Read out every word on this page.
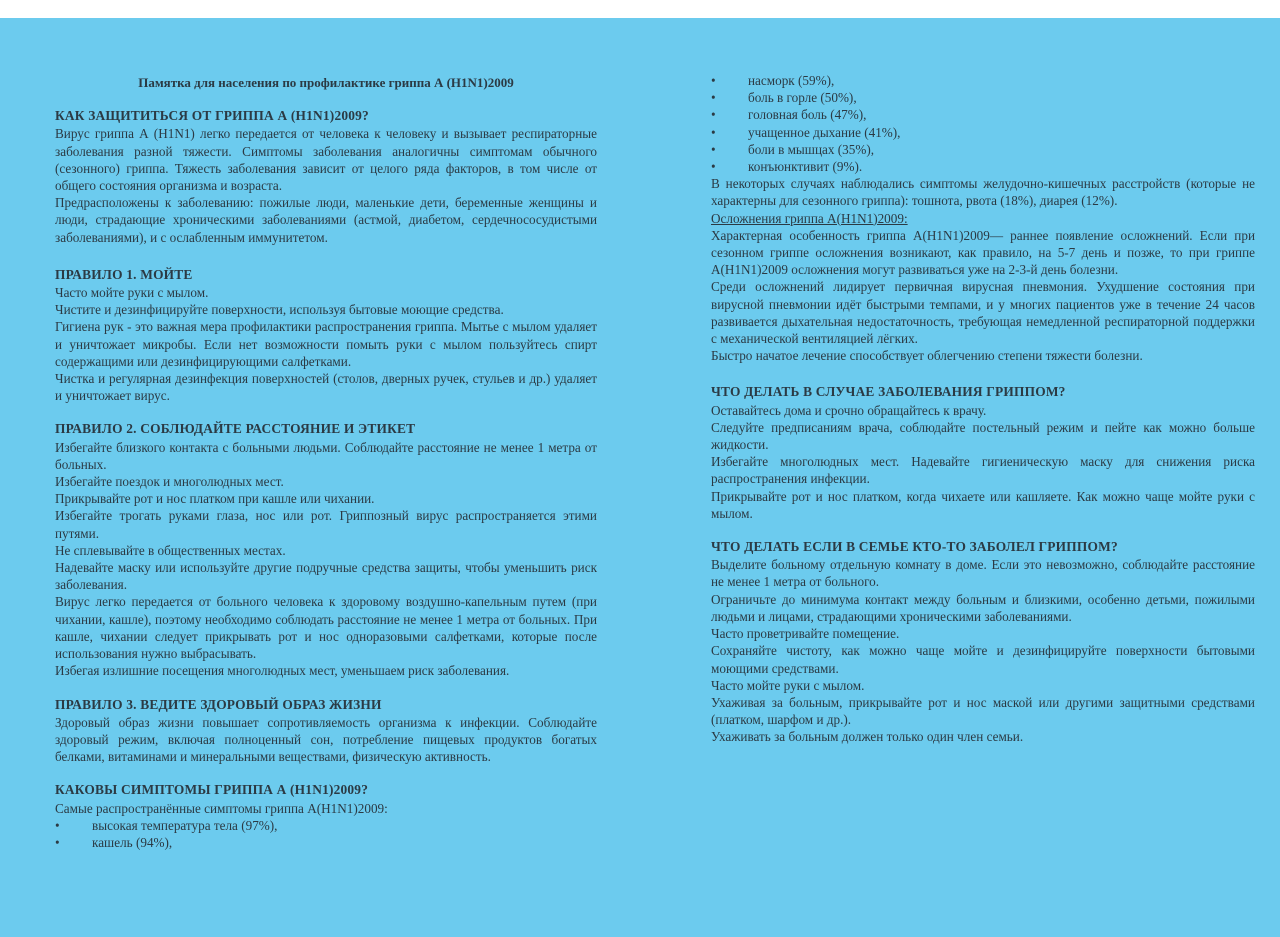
Памятка для населения по профилактике гриппа А (Н1N1)2009
КАК ЗАЩИТИТЬСЯ ОТ ГРИППА А (Н1N1)2009?

Вирус гриппа А (Н1N1) легко передается от человека к человеку и вызывает респираторные заболевания разной тяжести. Симптомы заболевания аналогичны симптомам обычного (сезонного) гриппа. Тяжесть заболевания зависит от целого ряда факторов, в том числе от общего состояния организма и возраста.

Предрасположены к заболеванию: пожилые люди, маленькие дети, беременные женщины и люди, страдающие хроническими заболеваниями (астмой, диабетом, сердечнососудистыми заболеваниями), и с ослабленным иммунитетом.

ПРАВИЛО 1. МОЙТЕ

Часто мойте руки с мылом.

Чистите и дезинфицируйте поверхности, используя бытовые моющие средства.

Гигиена рук - это важная мера профилактики распространения гриппа. Мытье с мылом удаляет и уничтожает микробы. Если нет возможности помыть руки с мылом пользуйтесь спирт содержащими или дезинфицирующими салфетками.

Чистка и регулярная дезинфекция поверхностей (столов, дверных ручек, стульев и др.) удаляет и уничтожает вирус.

ПРАВИЛО 2. СОБЛЮДАЙТЕ РАССТОЯНИЕ И ЭТИКЕТ

Избегайте близкого контакта с больными людьми. Соблюдайте расстояние не менее 1 метра от больных.

Избегайте поездок и многолюдных мест.

Прикрывайте рот и нос платком при кашле или чихании.

Избегайте трогать руками глаза, нос или рот. Гриппозный вирус распространяется этими путями.

Не сплевывайте в общественных местах.

Надевайте маску или используйте другие подручные средства защиты, чтобы уменьшить риск заболевания.

Вирус легко передается от больного человека к здоровому воздушно-капельным путем (при чихании, кашле), поэтому необходимо соблюдать расстояние не менее 1 метра от больных. При кашле, чихании следует прикрывать рот и нос одноразовыми салфетками, которые после использования нужно выбрасывать.

Избегая излишние посещения многолюдных мест, уменьшаем риск заболевания.

ПРАВИЛО 3. ВЕДИТЕ ЗДОРОВЫЙ ОБРАЗ ЖИЗНИ

Здоровый образ жизни повышает сопротивляемость организма к инфекции. Соблюдайте здоровый режим, включая полноценный сон, потребление пищевых продуктов богатых белками, витаминами и минеральными веществами, физическую активность.

КАКОВЫ СИМПТОМЫ ГРИППА А (Н1N1)2009?

Самые распространённые симптомы гриппа А(Н1N1)2009:

•	высокая температура тела (97%),
•	кашель (94%),
•	насморк (59%),
•	боль в горле (50%),
•	головная боль (47%),
•	учащенное дыхание (41%),
•	боли в мышцах (35%),
•	конъюнктивит (9%).

В некоторых случаях наблюдались симптомы желудочно-кишечных расстройств (которые не характерны для сезонного гриппа): тошнота, рвота (18%), диарея (12%).

Осложнения гриппа А(Н1N1)2009:

Характерная особенность гриппа А(Н1N1)2009— раннее появление осложнений. Если при сезонном гриппе осложнения возникают, как правило, на 5-7 день и позже, то при гриппе А(Н1N1)2009 осложнения могут развиваться уже на 2-3-й день болезни.

Среди осложнений лидирует первичная вирусная пневмония. Ухудшение состояния при вирусной пневмонии идёт быстрыми темпами, и у многих пациентов уже в течение 24 часов развивается дыхательная недостаточность, требующая немедленной респираторной поддержки с механической вентиляцией лёгких.

Быстро начатое лечение способствует облегчению степени тяжести болезни.

ЧТО ДЕЛАТЬ В СЛУЧАЕ ЗАБОЛЕВАНИЯ ГРИППОМ?

Оставайтесь дома и срочно обращайтесь к врачу.

Следуйте предписаниям врача, соблюдайте постельный режим и пейте как можно больше жидкости.

Избегайте многолюдных мест. Надевайте гигиеническую маску для снижения риска распространения инфекции.

Прикрывайте рот и нос платком, когда чихаете или кашляете. Как можно чаще мойте руки с мылом.

ЧТО ДЕЛАТЬ ЕСЛИ В СЕМЬЕ КТО-ТО ЗАБОЛЕЛ ГРИППОМ?

Выделите больному отдельную комнату в доме. Если это невозможно, соблюдайте расстояние не менее 1 метра от больного.

Ограничьте до минимума контакт между больным и близкими, особенно детьми, пожилыми людьми и лицами, страдающими хроническими заболеваниями.

Часто проветривайте помещение.

Сохраняйте чистоту, как можно чаще мойте и дезинфицируйте поверхности бытовыми моющими средствами.

Часто мойте руки с мылом.

Ухаживая за больным, прикрывайте рот и нос маской или другими защитными средствами (платком, шарфом и др.).

Ухаживать за больным должен только один член семьи.
